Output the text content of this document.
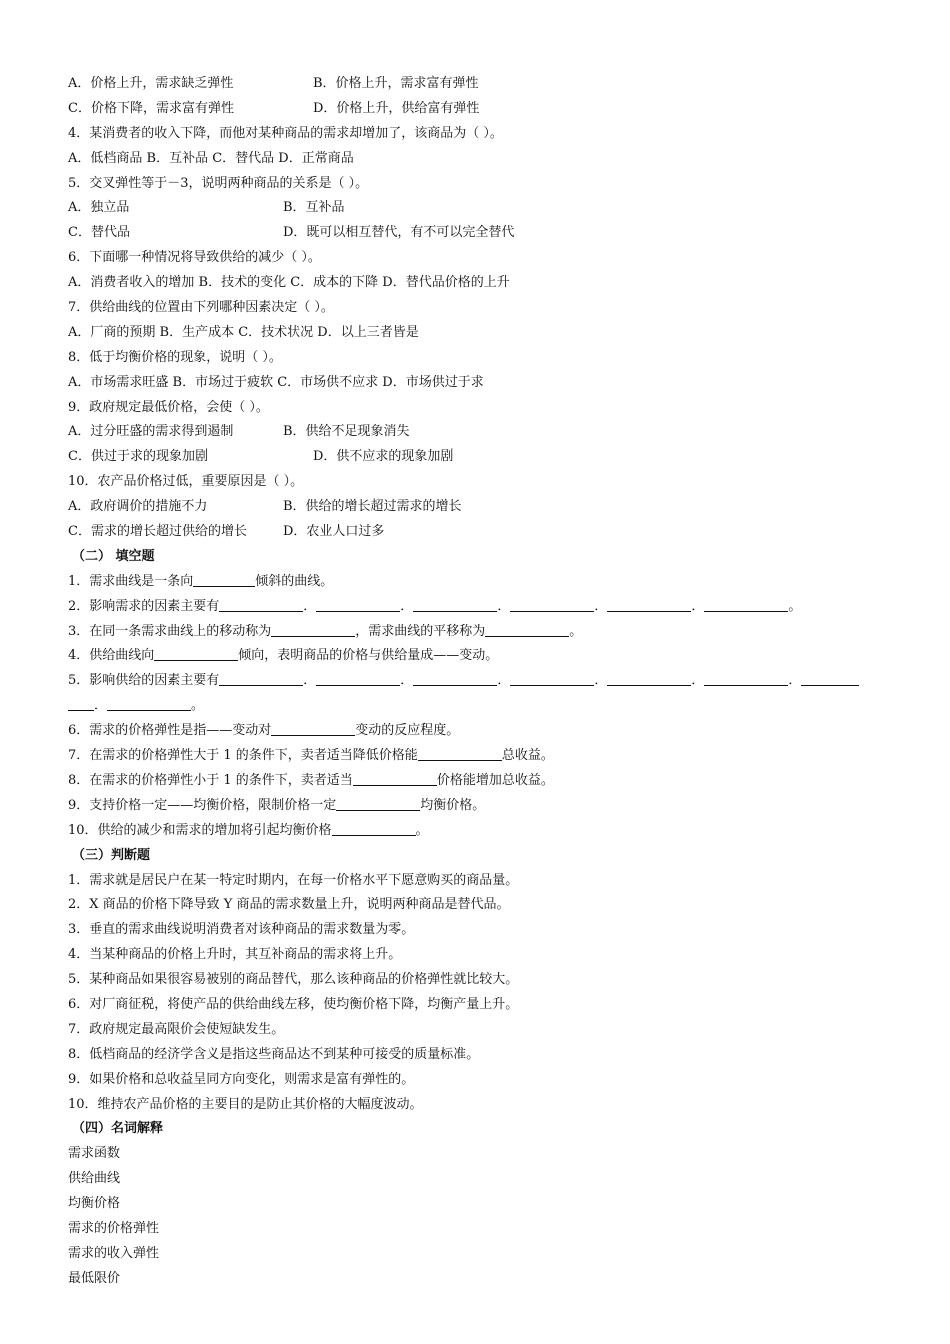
A．价格上升，需求缺乏弹性	B．价格上升，需求富有弹性
C．价格下降，需求富有弹性	D．价格上升，供给富有弹性
4．某消费者的收入下降，而他对某种商品的需求却增加了，该商品为（ ）。
A．低档商品 B．互补品 C．替代品 D．正常商品
5．交叉弹性等于－3，说明两种商品的关系是（ ）。
A．独立品	B．互补品
C．替代品	D．既可以相互替代，有不可以完全替代
6．下面哪一种情况将导致供给的减少（ ）。
A．消费者收入的增加 B．技术的变化 C．成本的下降 D．替代品价格的上升
7．供给曲线的位置由下列哪种因素决定（ ）。
A．厂商的预期 B．生产成本 C．技术状况 D．以上三者皆是
8．低于均衡价格的现象，说明（ ）。
A．市场需求旺盛 B．市场过于疲软 C．市场供不应求 D．市场供过于求
9．政府规定最低价格，会使（ ）。
A．过分旺盛的需求得到遏制	B．供给不足现象消失
C．供过于求的现象加剧	D．供不应求的现象加剧
10．农产品价格过低，重要原因是（ ）。
A．政府调价的措施不力	B．供给的增长超过需求的增长
C．需求的增长超过供给的增长	D．农业人口过多
（二） 填空题
1．需求曲线是一条向	倾斜的曲线。
2．影响需求的因素主要有	．	．	．	．	．	。
3．在同一条需求曲线上的移动称为	，需求曲线的平移称为	。
4．供给曲线向	倾向，表明商品的价格与供给量成——变动。
5．影响供给的因素主要有	．	．	．	．	．	．
．	。
6．需求的价格弹性是指——变动对	变动的反应程度。
7．在需求的价格弹性大于 1 的条件下，卖者适当降低价格能	总收益。
8．在需求的价格弹性小于 1 的条件下，卖者适当	价格能增加总收益。
9．支持价格一定——均衡价格，限制价格一定	均衡价格。
10．供给的减少和需求的增加将引起均衡价格	。
（三）判断题
1．需求就是居民户在某一特定时期内，在每一价格水平下愿意购买的商品量。
2．X 商品的价格下降导致 Y 商品的需求数量上升，说明两种商品是替代品。
3．垂直的需求曲线说明消费者对该种商品的需求数量为零。
4．当某种商品的价格上升时，其互补商品的需求将上升。
5．某种商品如果很容易被别的商品替代，那么该种商品的价格弹性就比较大。
6．对厂商征税，将使产品的供给曲线左移，使均衡价格下降，均衡产量上升。
7．政府规定最高限价会使短缺发生。
8．低档商品的经济学含义是指这些商品达不到某种可接受的质量标准。
9．如果价格和总收益呈同方向变化，则需求是富有弹性的。
10．维持农产品价格的主要目的是防止其价格的大幅度波动。
（四）名词解释
需求函数
供给曲线
均衡价格
需求的价格弹性
需求的收入弹性
最低限价
